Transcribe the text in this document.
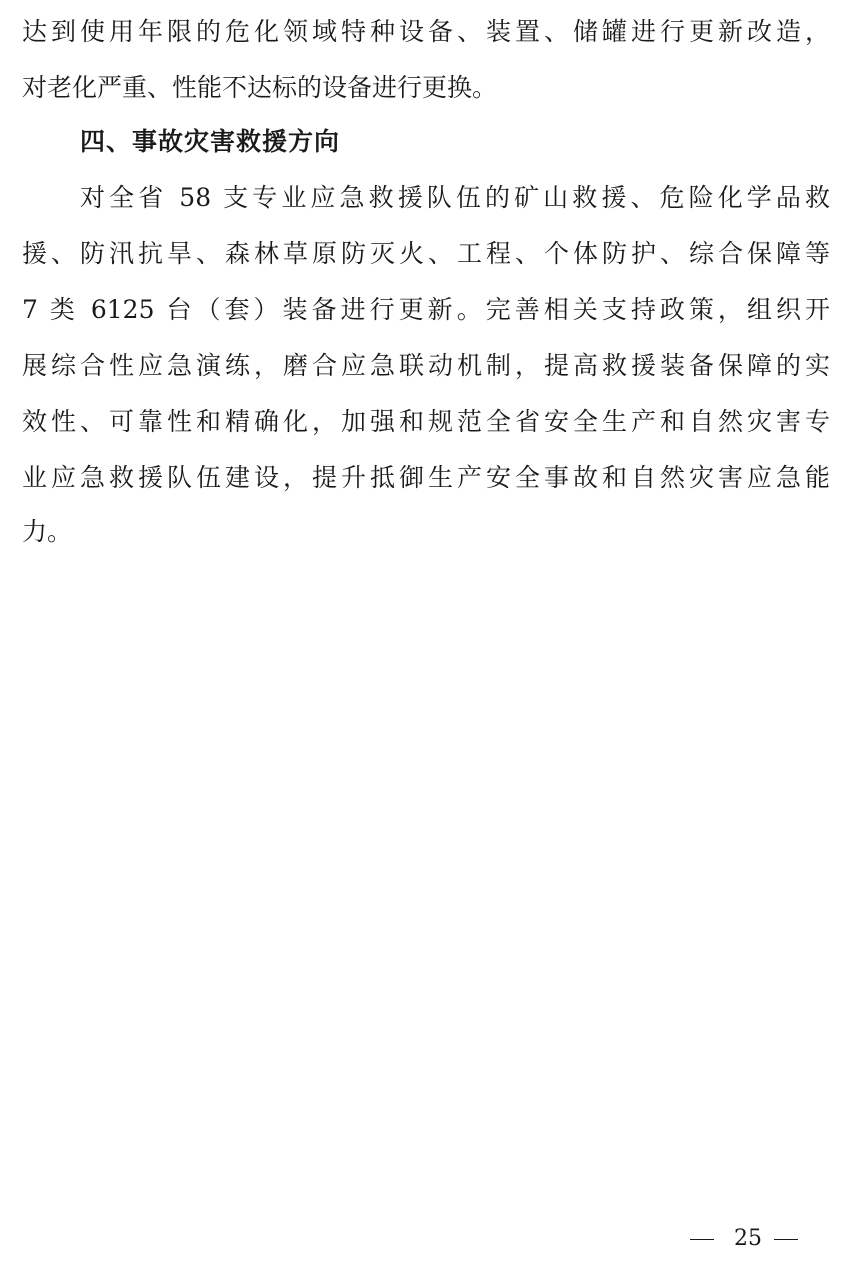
达到使用年限的危化领域特种设备、装置、储罐进行更新改造，
对老化严重、性能不达标的设备进行更换。
四、事故灾害救援方向
对全省 58 支专业应急救援队伍的矿山救援、危险化学品救
援、防汛抗旱、森林草原防灭火、工程、个体防护、综合保障等
7 类 6125 台（套）装备进行更新。完善相关支持政策，组织开
展综合性应急演练，磨合应急联动机制，提高救援装备保障的实
效性、可靠性和精确化，加强和规范全省安全生产和自然灾害专
业应急救援队伍建设，提升抵御生产安全事故和自然灾害应急能
力。
25
